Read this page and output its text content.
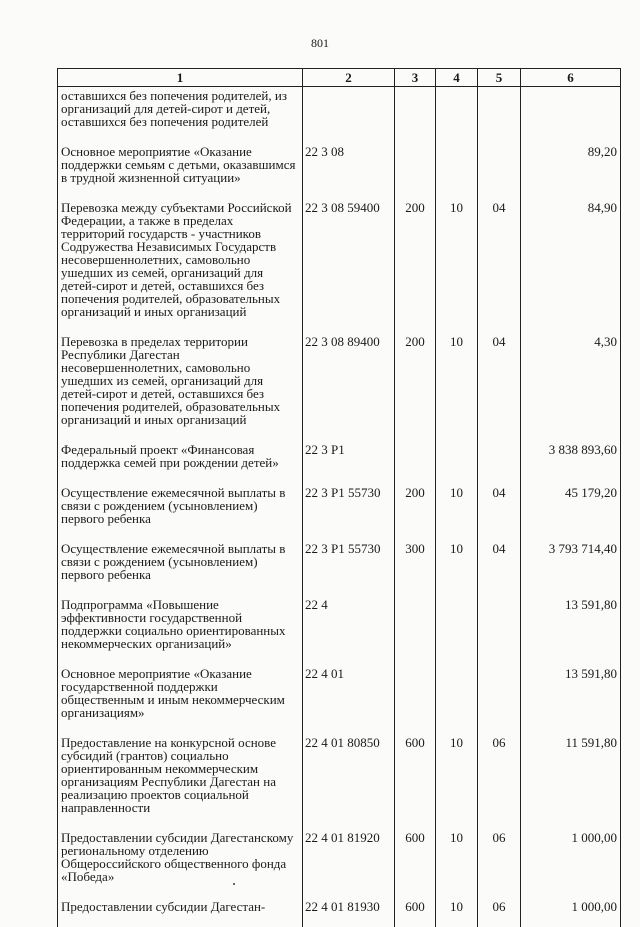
801
1	2	3	4	5	6
оставшихся без попечения родителей, из организаций для детей-сирот и детей, оставшихся без попечения родителей					
Основное мероприятие «Оказание поддержки семьям с детьми, оказавшимся в трудной жизненной ситуации»	22 3 08				89,20
Перевозка между субъектами Российской Федерации, а также в пределах территорий государств - участников Содружества Независимых Государств несовершеннолетних, самовольно ушедших из семей, организаций для детей-сирот и детей, оставшихся без попечения родителей, образовательных организаций и иных организаций	22 3 08 59400	200	10	04	84,90
Перевозка в пределах территории Республики Дагестан несовершеннолетних, самовольно ушедших из семей, организаций для детей-сирот и детей, оставшихся без попечения родителей, образовательных организаций и иных организаций	22 3 08 89400	200	10	04	4,30
Федеральный проект «Финансовая поддержка семей при рождении детей»	22 3 P1				3 838 893,60
Осуществление ежемесячной выплаты в связи с рождением (усыновлением) первого ребенка	22 3 P1 55730	200	10	04	45 179,20
Осуществление ежемесячной выплаты в связи с рождением (усыновлением) первого ребенка	22 3 P1 55730	300	10	04	3 793 714,40
Подпрограмма «Повышение эффективности государственной поддержки социально ориентированных некоммерческих организаций»	22 4				13 591,80
Основное мероприятие «Оказание государственной поддержки общественным и иным некоммерческим организациям»	22 4 01				13 591,80
Предоставление на конкурсной основе субсидий (грантов) социально ориентированным некоммерческим организациям Республики Дагестан на реализацию проектов социальной направленности	22 4 01 80850	600	10	06	11 591,80
Предоставлении субсидии Дагестанскому региональному отделению Общероссийского общественного фонда «Победа»	22 4 01 81920	600	10	06	1 000,00
Предоставлении субсидии Дагестан-	22 4 01 81930	600	10	06	1 000,00
